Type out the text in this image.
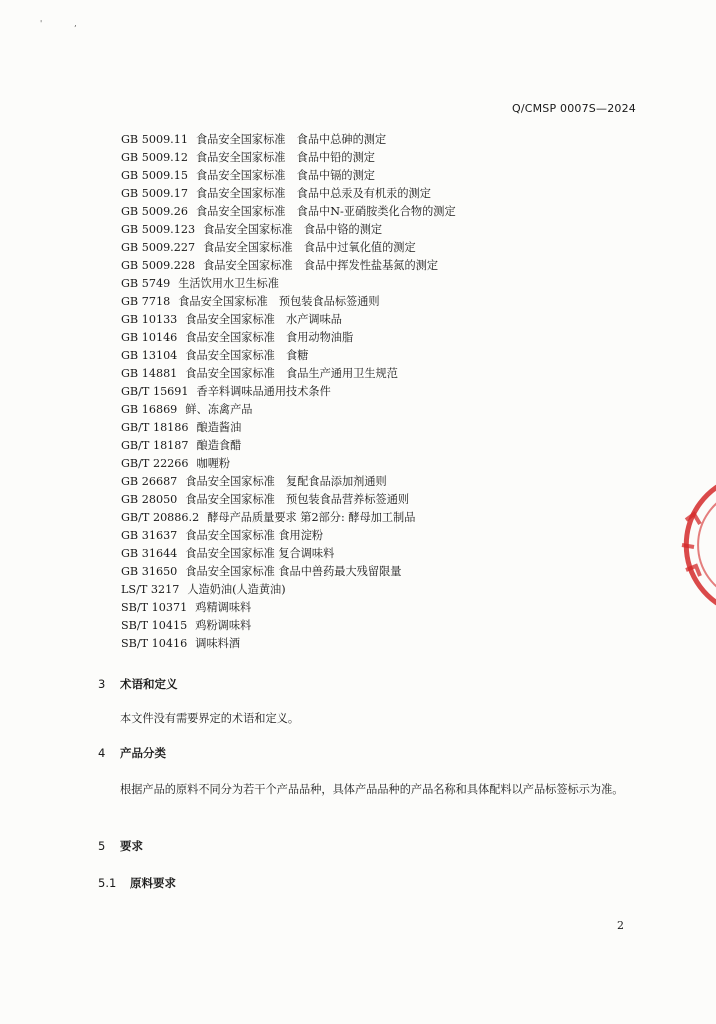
'　　　　,
Q/CMSP 0007S—2024
GB 5009.11 食品安全国家标准　食品中总砷的测定
GB 5009.12 食品安全国家标准　食品中铅的测定
GB 5009.15 食品安全国家标准　食品中镉的测定
GB 5009.17 食品安全国家标准　食品中总汞及有机汞的测定
GB 5009.26 食品安全国家标准　食品中N-亚硝胺类化合物的测定
GB 5009.123 食品安全国家标准　食品中铬的测定
GB 5009.227 食品安全国家标准　食品中过氧化值的测定
GB 5009.228 食品安全国家标准　食品中挥发性盐基氮的测定
GB 5749 生活饮用水卫生标准
GB 7718 食品安全国家标准　预包装食品标签通则
GB 10133 食品安全国家标准　水产调味品
GB 10146 食品安全国家标准　食用动物油脂
GB 13104 食品安全国家标准　食糖
GB 14881 食品安全国家标准　食品生产通用卫生规范
GB/T 15691 香辛料调味品通用技术条件
GB 16869 鲜、冻禽产品
GB/T 18186 酿造酱油
GB/T 18187 酿造食醋
GB/T 22266 咖喱粉
GB 26687 食品安全国家标准　复配食品添加剂通则
GB 28050 食品安全国家标准　预包装食品营养标签通则
GB/T 20886.2 酵母产品质量要求 第2部分: 酵母加工制品
GB 31637 食品安全国家标准 食用淀粉
GB 31644 食品安全国家标准 复合调味料
GB 31650 食品安全国家标准 食品中兽药最大残留限量
LS/T 3217 人造奶油(人造黄油)
SB/T 10371 鸡精调味料
SB/T 10415 鸡粉调味料
SB/T 10416 调味料酒
3 术语和定义
本文件没有需要界定的术语和定义。
4 产品分类
根据产品的原料不同分为若干个产品品种，具体产品品种的产品名称和具体配料以产品标签标示为准。
5 要求
5.1 原料要求
2
